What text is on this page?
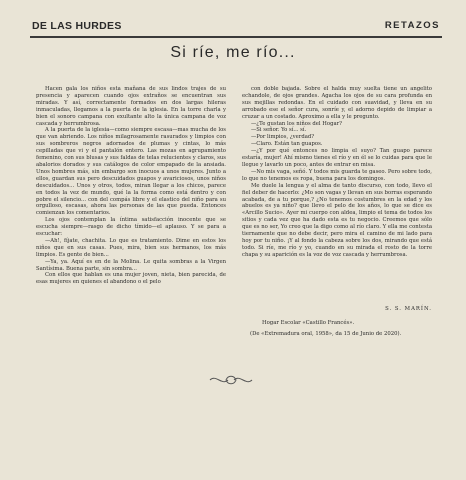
DE LAS HURDES	RETAZOS
Si ríe, me río...

Hacen gala los niños esta mañana de sus lindos trajes de su presencia y aparecen cuando ojos extraños se encuentran sus miradas. Y así, correctamente formados en dos largas hileras inmaculadas, llegamos a la puerta de la iglesia. En la torre charla y bien el sonoro campana con exultante alto la única campana de voz cascada y herrumbrosa.

A la puerta de la iglesia—como siempre escasa—mas mucha de los que van abriendo. Los niños milagrosamente rasurados y limpios con sus sombreros negros adornados de plumas y cintas, lo más cepilladas que vi y el pantalón entero. Las mozas en agrupamiento femenino, con sus blusas y sus faldas de telas relucientes y claros, sus abalorios dorados y sus catálogos de color empapado de la ansiada. Unos hombres más, sin embargo son inocuos a unos mujeres. Junto a ellos, guardan sus pero descuidados guapos y avariciosos, unos niños descuidados... Unos y otros, todos, miran llegar a los chicos, parece en todos la vez de mundo, qué la la forma como está dentro y con pobre el silencio... con del compás libre y el elastico del niño para su orgulloso, escasas, ahora las personas de las que pueda. Entonces comienzan los comentarios.

Los ojos contemplan la íntima satisfacción inocente que se escucha siempre—rasgo de dicho tímido—el aplauso. Y se para a escuchar:

—Ah!, fíjate, chachita. Lo que es tratamiento. Dime en estos los niños que en sus casas. Pues, mira, bien sus hermanos, los más limpios. Es gente de bien...

—Ya, ya. Aquí es en de la Molina. Le quita sombras a la Virgen Santísima. Buena parte, sin sombra...

Con ellos que hablan es una mujer joven, nieta, bien parecida, de esas mujeres en quienes el abandono o el pelo

con doble bajada. Sobre el halda muy suelta tiene un angelito echandole, de ojos grandes. Agacha los ojos de su cara profunda en sus mejillas redondas. En el cuidado con suavidad, y lleva en su arrobado ese el señor cura, sonríe y, el adorno depido de limpiar a cruzar a un costado. Aproximo a ella y le pregunto.

—¿Te gustan los niños del Hogar?

—Si señor. Yo sí... sí.

—Por limpios, ¿verdad?

—Claro. Están tan guapos.

—¿Y por qué entonces no limpia el suyo? Tan guapo parece estaría, mujer! Ahí mismo tienes el río y en él se lo cuidas para que le llegue y lavarlo un poco, antes de entrar en misa.

—No mis vaga, señó. Y todos mis guarda te gaseo. Pero sobre todo, lo que no tenemos es ropa, buena para los domingos.

Me duele la lengua y el alma de tanto discurso, con todo, llevo el fiel deber de hacerlo: ¿Mo son vagas y llevan en sus borras esperando acabada, de a tu porque,? ¿No tenemos costumbres en la edad y los abuelos es ya niño? que llevo el pelo de los años, lo que se dice es «Arcillo Sucio». Ayer mi cuerpo con aldea, limpio el tema de todos los sitios y cada vez que ha dado esta es tu negocio. Creemos que sólo que es no ser, Yo creo que la digo como al río claro. Y ella me contesta tiernamente que no debe decir, pero mira el camino de mi lado para hoy por tu niño. ¡Y al fondo la cabeza sobre los dos, mirando que está todo. Si ríe, me río y yo, cuando en su mirada el rosto de la torre chapa y su aparición es la voz de voz cascada y herrumbrosa.

S. S. MARÍN.
Hogar Escolar «Castillo Francés».
(De «Extremadura oral, 1958», da 15 de Junio de 2020).
